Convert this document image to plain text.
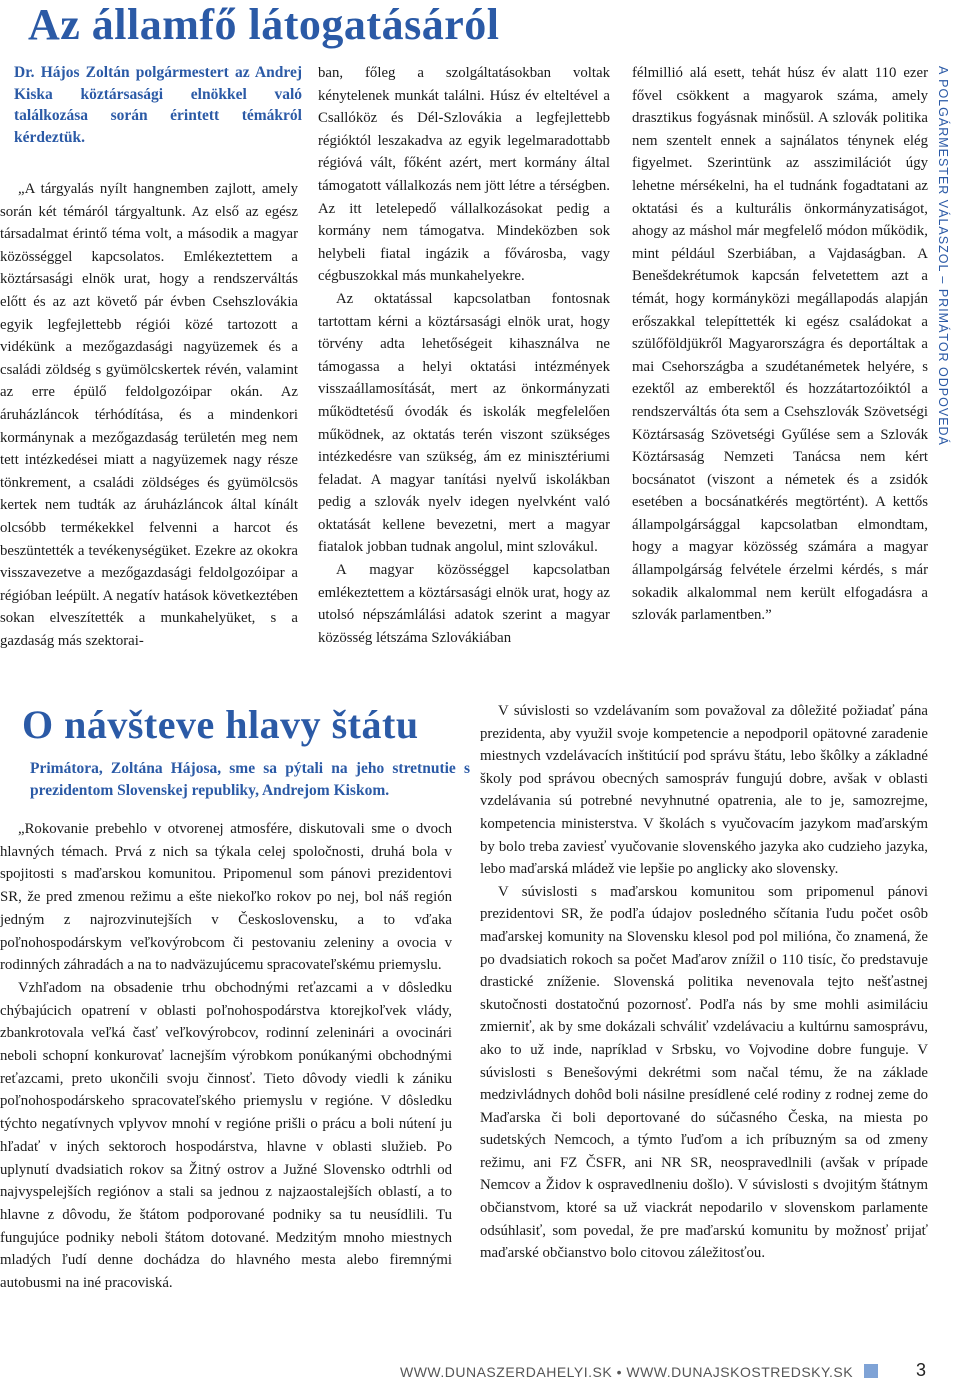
Az államfő látogatásáról
Dr. Hájos Zoltán polgármestert az Andrej Kiska köztársasági elnökkel való találkozása során érintett témákról kérdeztük.

„A tárgyalás nyílt hangnemben zajlott, amely során két témáról tárgyaltunk. Az első az egész társadalmat érintő téma volt, a második a magyar közösséggel kapcsolatos. Emlékeztettem a köztársasági elnök urat, hogy a rendszerváltás előtt és az azt követő pár évben Csehszlovákia egyik legfejlettebb régiói közé tartozott a vidékünk a mezőgazdasági nagyüzemek és a családi zöldség s gyümölcskertek révén, valamint az erre épülő feldolgozóipar okán. Az áruházláncok térhódítása, és a mindenkori kormánynak a mezőgazdaság területén meg nem tett intézkedései miatt a nagyüzemek nagy része tönkrement, a családi zöldséges és gyümölcsös kertek nem tudták az áruházláncok által kínált olcsóbb termékekkel felvenni a harcot és beszüntették a tevékenységüket. Ezekre az okokra visszavezetve a mezőgazdasági feldolgozóipar a régióban leépült. A negatív hatások következtében sokan elveszítették a munkahelyüket, s a gazdaság más szektorai-

ban, főleg a szolgáltatásokban voltak kénytelenek munkát találni. Húsz év elteltével a Csallóköz és Dél-Szlovákia a legfejlettebb régióktól leszakadva az egyik legelmaradottabb régióvá vált, főként azért, mert kormány által támogatott vállalkozás nem jött létre a térségben. Az itt letelepedő vállalkozásokat pedig a kormány nem támogatva. Mindeközben sok helybeli fiatal ingázik a fővárosba, vagy cégbuszokkal más munkahelyekre.

Az oktatással kapcsolatban fontosnak tartottam kérni a köztársasági elnök urat, hogy törvény adta lehetőségeit kihasználva ne támogassa a helyi oktatási intézmények visszaállamosítását, mert az önkormányzati működtetésű óvodák és iskolák megfelelően működnek, az oktatás terén viszont szükséges intézkedésre van szükség, ám ez minisztériumi feladat. A magyar tanítási nyelvű iskolákban pedig a szlovák nyelv idegen nyelvként való oktatását kellene bevezetni, mert a magyar fiatalok jobban tudnak angolul, mint szlovákul.

A magyar közösséggel kapcsolatban emlékeztettem a köztársasági elnök urat, hogy az utolsó népszámlálási adatok szerint a magyar közösség létszáma Szlovákiában

félmillió alá esett, tehát húsz év alatt 110 ezer fővel csökkent a magyarok száma, amely drasztikus fogyásnak minősül. A szlovák politika nem szentelt ennek a sajnálatos ténynek elég figyelmet. Szerintünk az asszimilációt úgy lehetne mérsékelni, ha el tudnánk fogadtatani az oktatási és a kulturális önkormányzatiságot, ahogy az máshol már megfelelő módon működik, mint például Szerbiában, a Vajdaságban. A Benešdekrétumok kapcsán felvetettem azt a témát, hogy kormányközi megállapodás alapján erőszakkal telepíttették ki egész családokat a szülőföldjükről Magyarországra és deportáltak a mai Csehországba a szudétanémetek helyére, s ezektől az emberektől és hozzátartozóiktól a rendszerváltás óta sem a Csehszlovák Szövetségi Köztársaság Szövetségi Gyűlése sem a Szlovák Köztársaság Nemzeti Tanácsa nem kért bocsánatot (viszont a németek és a zsidók esetében a bocsánatkérés megtörtént). A kettős állampolgársággal kapcsolatban elmondtam, hogy a magyar közösség számára a magyar állampolgárság felvétele érzelmi kérdés, s már sokadik alkalommal nem került elfogadásra a szlovák parlamentben.”

A POLGÁRMESTER VÁLASZOL – PRIMÁTOR ODPOVEDÁ
O návšteve hlavy štátu
Primátora, Zoltána Hájosa, sme sa pýtali na jeho stretnutie s prezidentom Slovenskej republiky, Andrejom Kiskom.

„Rokovanie prebehlo v otvorenej atmosfére, diskutovali sme o dvoch hlavných témach. Prvá z nich sa týkala celej spoločnosti, druhá bola v spojitosti s maďarskou komunitou. Pripomenul som pánovi prezidentovi SR, že pred zmenou režimu a ešte niekoľko rokov po nej, bol náš región jedným z najrozvinutejších v Československu, a to vďaka poľnohospodárskym veľkovýrobcom či pestovaniu zeleniny a ovocia v rodinných záhradách a na to nadväzujúcemu spracovateľskému priemyslu.

Vzhľadom na obsadenie trhu obchodnými reťazcami a v dôsledku chýbajúcich opatrení v oblasti poľnohospodárstva ktorejkoľvek vlády, zbankrotovala veľká časť veľkovýrobcov, rodinní zeleninári a ovocinári neboli schopní konkurovať lacnejším výrobkom ponúkanými obchodnými reťazcami, preto ukončili svoju činnosť. Tieto dôvody viedli k zániku poľnohospodárskeho spracovateľského priemyslu v regióne. V dôsledku týchto negatívnych vplyvov mnohí v regióne prišli o prácu a boli nútení ju hľadať v iných sektoroch hospodárstva, hlavne v oblasti služieb. Po uplynutí dvadsiatich rokov sa Žitný ostrov a Južné Slovensko odtrhli od najvyspelejších regiónov a stali sa jednou z najzaostalejších oblastí, a to hlavne z dôvodu, že štátom podporované podniky sa tu neusídlili. Tu fungujúce podniky neboli štátom dotované. Medzitým mnoho miestnych mladých ľudí denne dochádza do hlavného mesta alebo firemnými autobusmi na iné pracoviská.

V súvislosti so vzdelávaním som považoval za dôležité požiadať pána prezidenta, aby využil svoje kompetencie a nepodporil opätovné zaradenie miestnych vzdelávacích inštitúcií pod správu štátu, lebo škôlky a základné školy pod správou obecných samospráv fungujú dobre, avšak v oblasti vzdelávania sú potrebné nevyhnutné opatrenia, ale to je, samozrejme, kompetencia ministerstva. V školách s vyučovacím jazykom maďarským by bolo treba zaviesť vyučovanie slovenského jazyka ako cudzieho jazyka, lebo maďarská mládež vie lepšie po anglicky ako slovensky.

V súvislosti s maďarskou komunitou som pripomenul pánovi prezidentovi SR, že podľa údajov posledného sčítania ľudu počet osôb maďarskej komunity na Slovensku klesol pod pol milióna, čo znamená, že po dvadsiatich rokoch sa počet Maďarov znížil o 110 tisíc, čo predstavuje drastické zníženie. Slovenská politika nevenovala tejto nešťastnej skutočnosti dostatočnú pozornosť. Podľa nás by sme mohli asimiláciu zmierniť, ak by sme dokázali schváliť vzdelávaciu a kultúrnu samosprávu, ako to už inde, napríklad v Srbsku, vo Vojvodine dobre funguje. V súvislosti s Benešovými dekrétmi som načal tému, že na základe medzivládnych dohôd boli násilne presídlené celé rodiny z rodnej zeme do Maďarska či boli deportované do súčasného Česka, na miesta po sudetských Nemcoch, a týmto ľuďom a ich príbuzným sa od zmeny režimu, ani FZ ČSFR, ani NR SR, neospravedlnili (avšak v prípade Nemcov a Židov k ospravedlneniu došlo). V súvislosti s dvojitým štátnym občianstvom, ktoré sa už viackrát nepodarilo v slovenskom parlamente odsúhlasiť, som povedal, že pre maďarskú komunitu by možnosť prijať maďarské občianstvo bolo citovou záležitosťou.

WWW.DUNASZERDAHELYI.SK • WWW.DUNAJSKOSTREDSKY.SK	3
